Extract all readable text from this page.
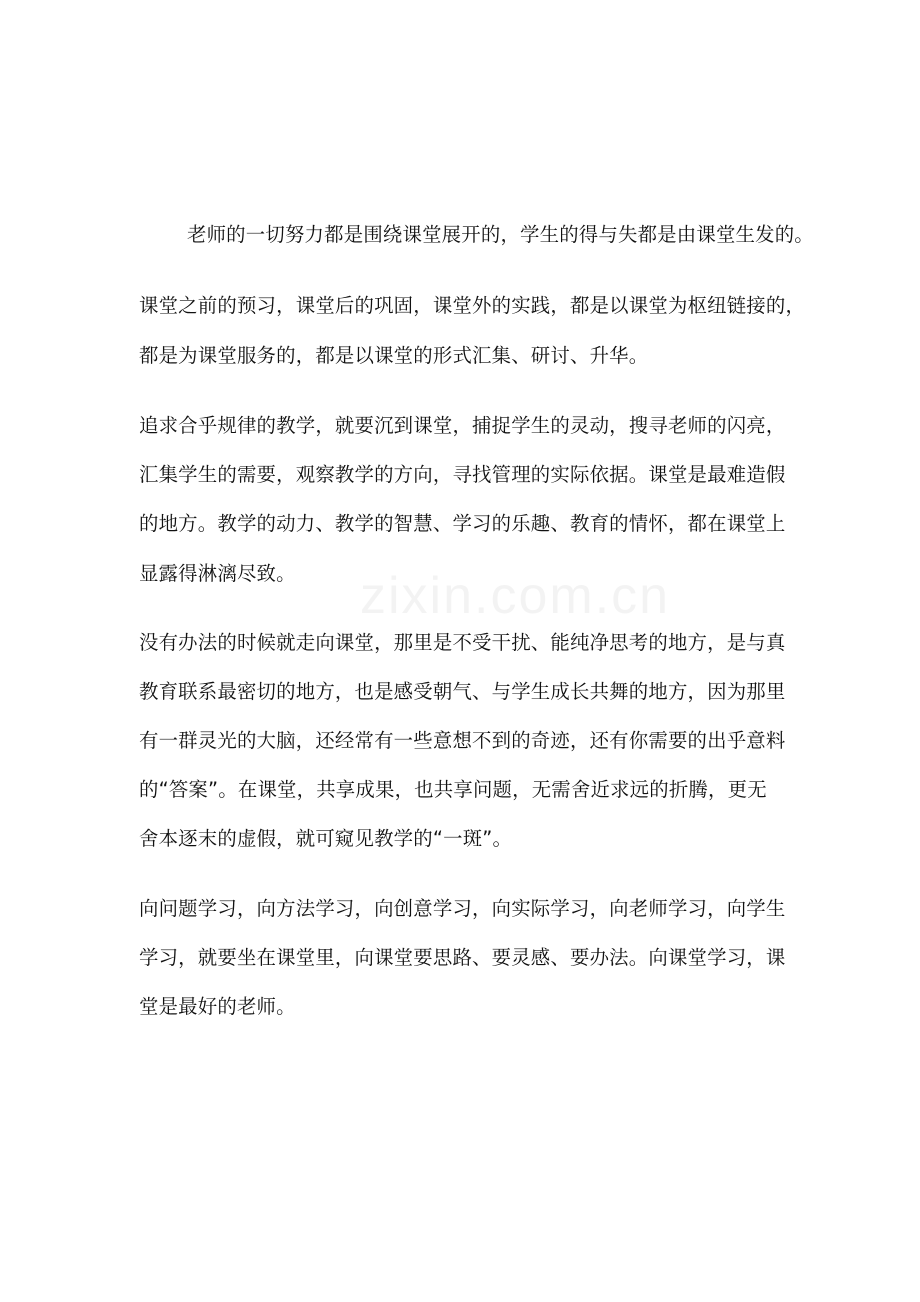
老师的一切努力都是围绕课堂展开的，学生的得与失都是由课堂生发的。
课堂之前的预习，课堂后的巩固，课堂外的实践，都是以课堂为枢纽链接的，
都是为课堂服务的，都是以课堂的形式汇集、研讨、升华。
追求合乎规律的教学，就要沉到课堂，捕捉学生的灵动，搜寻老师的闪亮，
汇集学生的需要，观察教学的方向，寻找管理的实际依据。课堂是最难造假
的地方。教学的动力、教学的智慧、学习的乐趣、教育的情怀，都在课堂上
显露得淋漓尽致。
没有办法的时候就走向课堂，那里是不受干扰、能纯净思考的地方，是与真
教育联系最密切的地方，也是感受朝气、与学生成长共舞的地方，因为那里
有一群灵光的大脑，还经常有一些意想不到的奇迹，还有你需要的出乎意料
的“答案”。在课堂，共享成果，也共享问题，无需舍近求远的折腾，更无
舍本逐末的虚假，就可窥见教学的“一斑”。
向问题学习，向方法学习，向创意学习，向实际学习，向老师学习，向学生
学习，就要坐在课堂里，向课堂要思路、要灵感、要办法。向课堂学习，课
堂是最好的老师。
